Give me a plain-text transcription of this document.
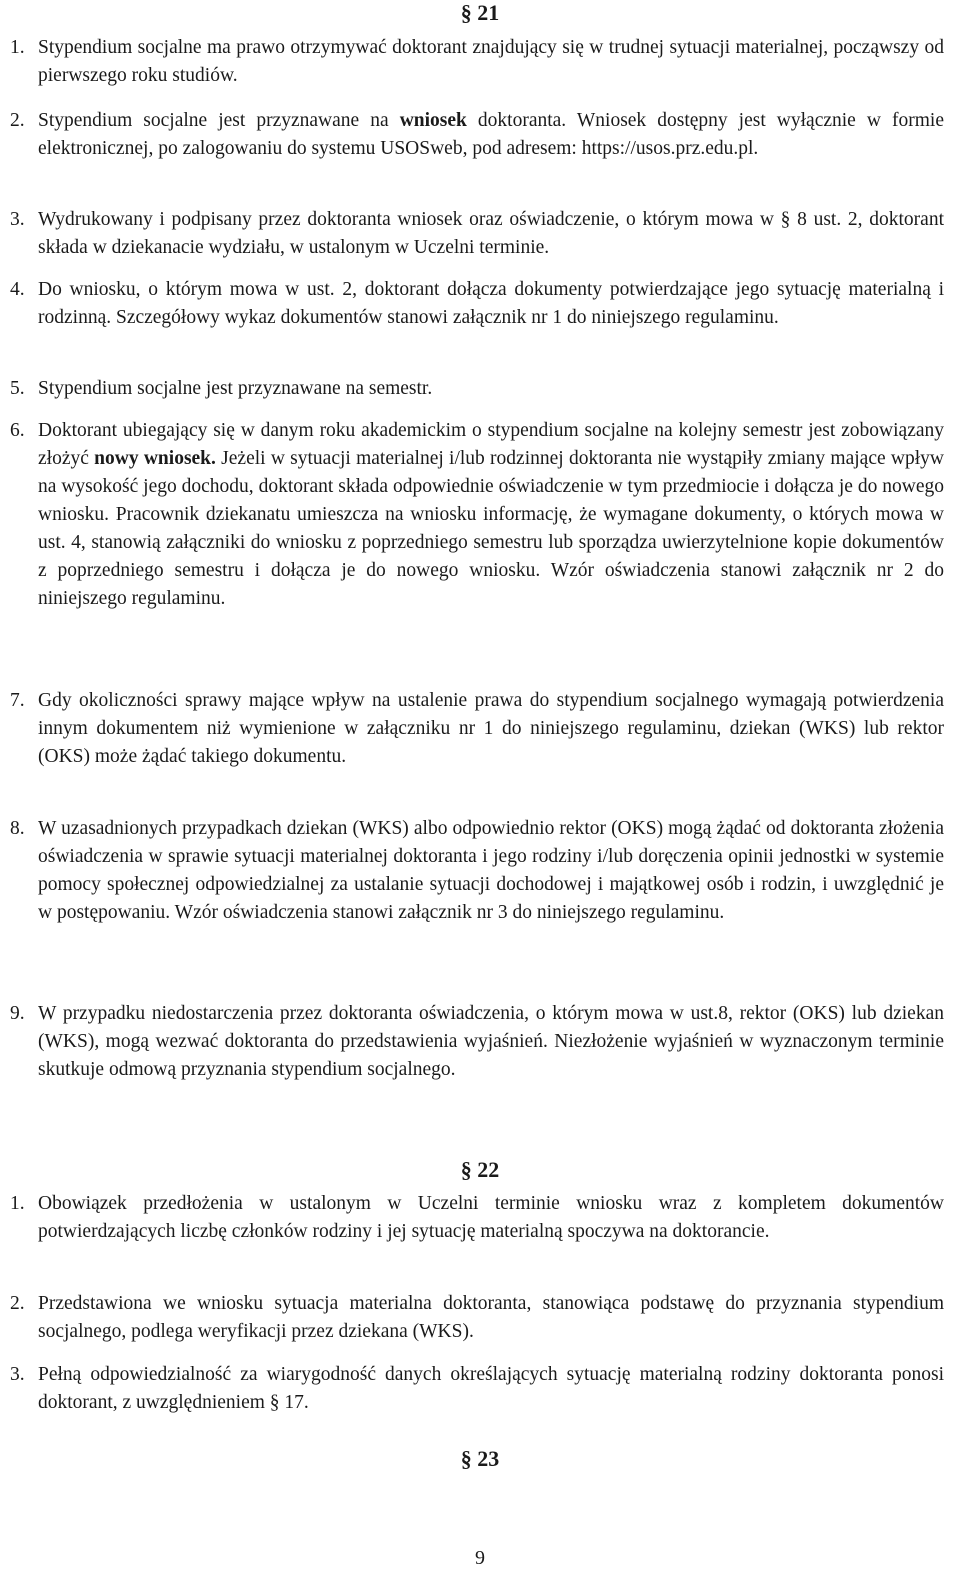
§ 21
1. Stypendium socjalne ma prawo otrzymywać doktorant znajdujący się w trudnej sytuacji materialnej, począwszy od pierwszego roku studiów.
2. Stypendium socjalne jest przyznawane na wniosek doktoranta. Wniosek dostępny jest wyłącznie w formie elektronicznej, po zalogowaniu do systemu USOSweb, pod adresem: https://usos.prz.edu.pl.
3. Wydrukowany i podpisany przez doktoranta wniosek oraz oświadczenie, o którym mowa w § 8 ust. 2, doktorant składa w dziekanacie wydziału, w ustalonym w Uczelni terminie.
4. Do wniosku, o którym mowa w ust. 2, doktorant dołącza dokumenty potwierdzające jego sytuację materialną i rodzinną. Szczegółowy wykaz dokumentów stanowi załącznik nr 1 do niniejszego regulaminu.
5. Stypendium socjalne jest przyznawane na semestr.
6. Doktorant ubiegający się w danym roku akademickim o stypendium socjalne na kolejny semestr jest zobowiązany złożyć nowy wniosek. Jeżeli w sytuacji materialnej i/lub rodzinnej doktoranta nie wystąpiły zmiany mające wpływ na wysokość jego dochodu, doktorant składa odpowiednie oświadczenie w tym przedmiocie i dołącza je do nowego wniosku. Pracownik dziekanatu umieszcza na wniosku informację, że wymagane dokumenty, o których mowa w ust. 4, stanowią załączniki do wniosku z poprzedniego semestru lub sporządza uwierzytelnione kopie dokumentów z poprzedniego semestru i dołącza je do nowego wniosku. Wzór oświadczenia stanowi załącznik nr 2 do niniejszego regulaminu.
7. Gdy okoliczności sprawy mające wpływ na ustalenie prawa do stypendium socjalnego wymagają potwierdzenia innym dokumentem niż wymienione w załączniku nr 1 do niniejszego regulaminu, dziekan (WKS) lub rektor (OKS) może żądać takiego dokumentu.
8. W uzasadnionych przypadkach dziekan (WKS) albo odpowiednio rektor (OKS) mogą żądać od doktoranta złożenia oświadczenia w sprawie sytuacji materialnej doktoranta i jego rodziny i/lub doręczenia opinii jednostki w systemie pomocy społecznej odpowiedzialnej za ustalanie sytuacji dochodowej i majątkowej osób i rodzin, i uwzględnić je w postępowaniu. Wzór oświadczenia stanowi załącznik nr 3 do niniejszego regulaminu.
9. W przypadku niedostarczenia przez doktoranta oświadczenia, o którym mowa w ust.8, rektor (OKS) lub dziekan (WKS), mogą wezwać doktoranta do przedstawienia wyjaśnień. Niezłożenie wyjaśnień w wyznaczonym terminie skutkuje odmową przyznania stypendium socjalnego.
§ 22
1. Obowiązek przedłożenia w ustalonym w Uczelni terminie wniosku wraz z kompletem dokumentów potwierdzających liczbę członków rodziny i jej sytuację materialną spoczywa na doktorancie.
2. Przedstawiona we wniosku sytuacja materialna doktoranta, stanowiąca podstawę do przyznania stypendium socjalnego, podlega weryfikacji przez dziekana (WKS).
3. Pełną odpowiedzialność za wiarygodność danych określających sytuację materialną rodziny doktoranta ponosi doktorant, z uwzględnieniem § 17.
§ 23
9
